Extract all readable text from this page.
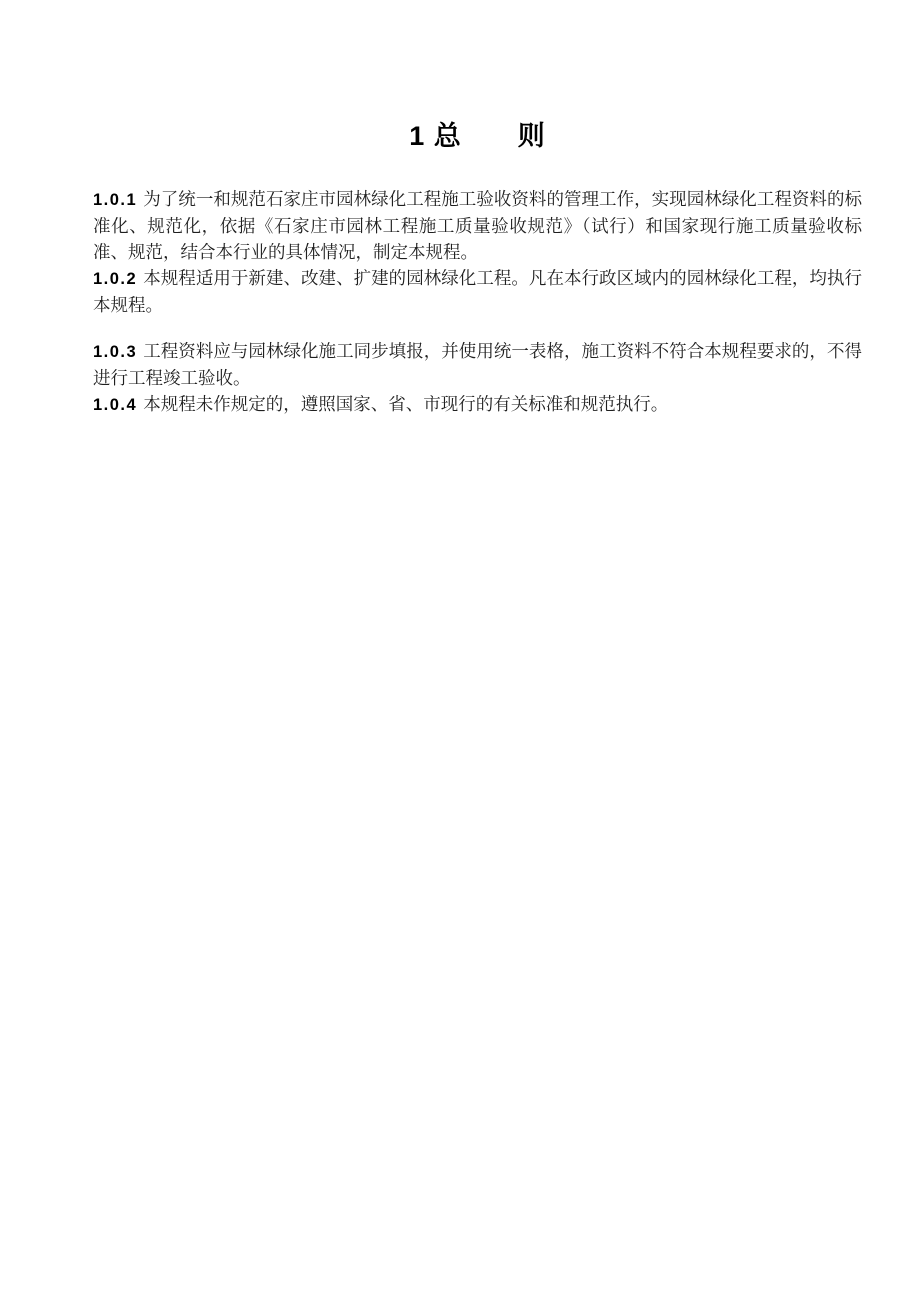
1 总　　则

1.0.1 为了统一和规范石家庄市园林绿化工程施工验收资料的管理工作，实现园林绿化工程资料的标准化、规范化，依据《石家庄市园林工程施工质量验收规范》（试行）和国家现行施工质量验收标准、规范，结合本行业的具体情况，制定本规程。

1.0.2 本规程适用于新建、改建、扩建的园林绿化工程。凡在本行政区域内的园林绿化工程，均执行本规程。

1.0.3 工程资料应与园林绿化施工同步填报，并使用统一表格，施工资料不符合本规程要求的，不得进行工程竣工验收。

1.0.4 本规程未作规定的，遵照国家、省、市现行的有关标准和规范执行。
